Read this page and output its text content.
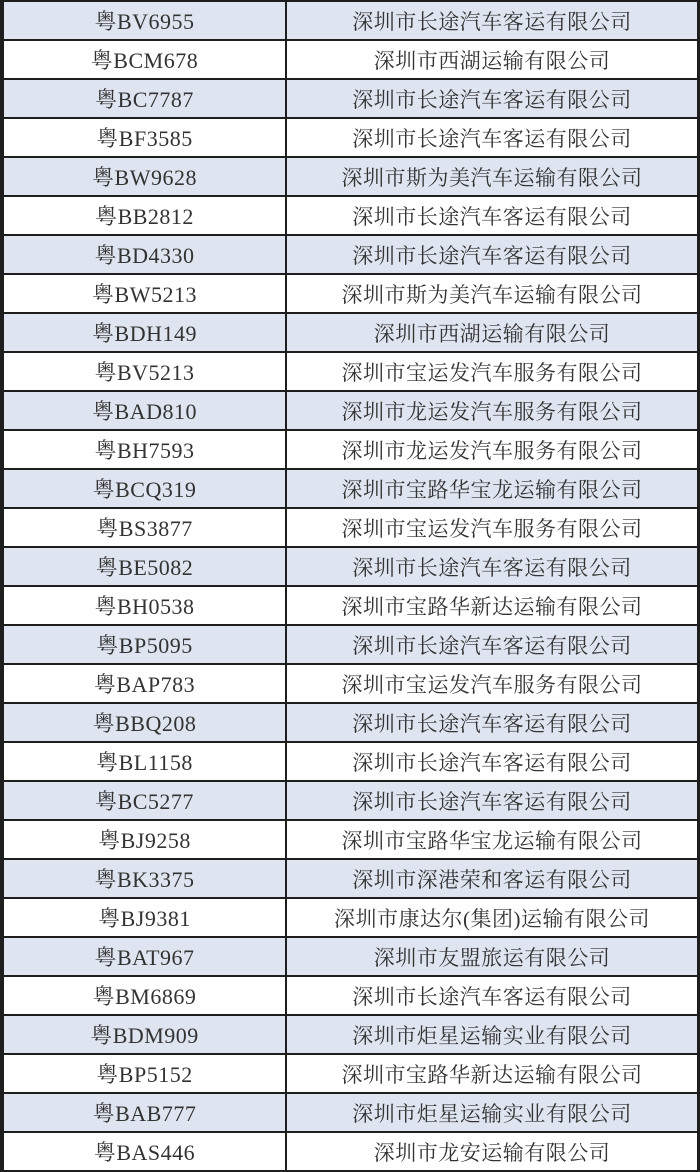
粤BV6955	深圳市长途汽车客运有限公司
粤BCM678	深圳市西湖运输有限公司
粤BC7787	深圳市长途汽车客运有限公司
粤BF3585	深圳市长途汽车客运有限公司
粤BW9628	深圳市斯为美汽车运输有限公司
粤BB2812	深圳市长途汽车客运有限公司
粤BD4330	深圳市长途汽车客运有限公司
粤BW5213	深圳市斯为美汽车运输有限公司
粤BDH149	深圳市西湖运输有限公司
粤BV5213	深圳市宝运发汽车服务有限公司
粤BAD810	深圳市龙运发汽车服务有限公司
粤BH7593	深圳市龙运发汽车服务有限公司
粤BCQ319	深圳市宝路华宝龙运输有限公司
粤BS3877	深圳市宝运发汽车服务有限公司
粤BE5082	深圳市长途汽车客运有限公司
粤BH0538	深圳市宝路华新达运输有限公司
粤BP5095	深圳市长途汽车客运有限公司
粤BAP783	深圳市宝运发汽车服务有限公司
粤BBQ208	深圳市长途汽车客运有限公司
粤BL1158	深圳市长途汽车客运有限公司
粤BC5277	深圳市长途汽车客运有限公司
粤BJ9258	深圳市宝路华宝龙运输有限公司
粤BK3375	深圳市深港荣和客运有限公司
粤BJ9381	深圳市康达尔(集团)运输有限公司
粤BAT967	深圳市友盟旅运有限公司
粤BM6869	深圳市长途汽车客运有限公司
粤BDM909	深圳市炬星运输实业有限公司
粤BP5152	深圳市宝路华新达运输有限公司
粤BAB777	深圳市炬星运输实业有限公司
粤BAS446	深圳市龙安运输有限公司
